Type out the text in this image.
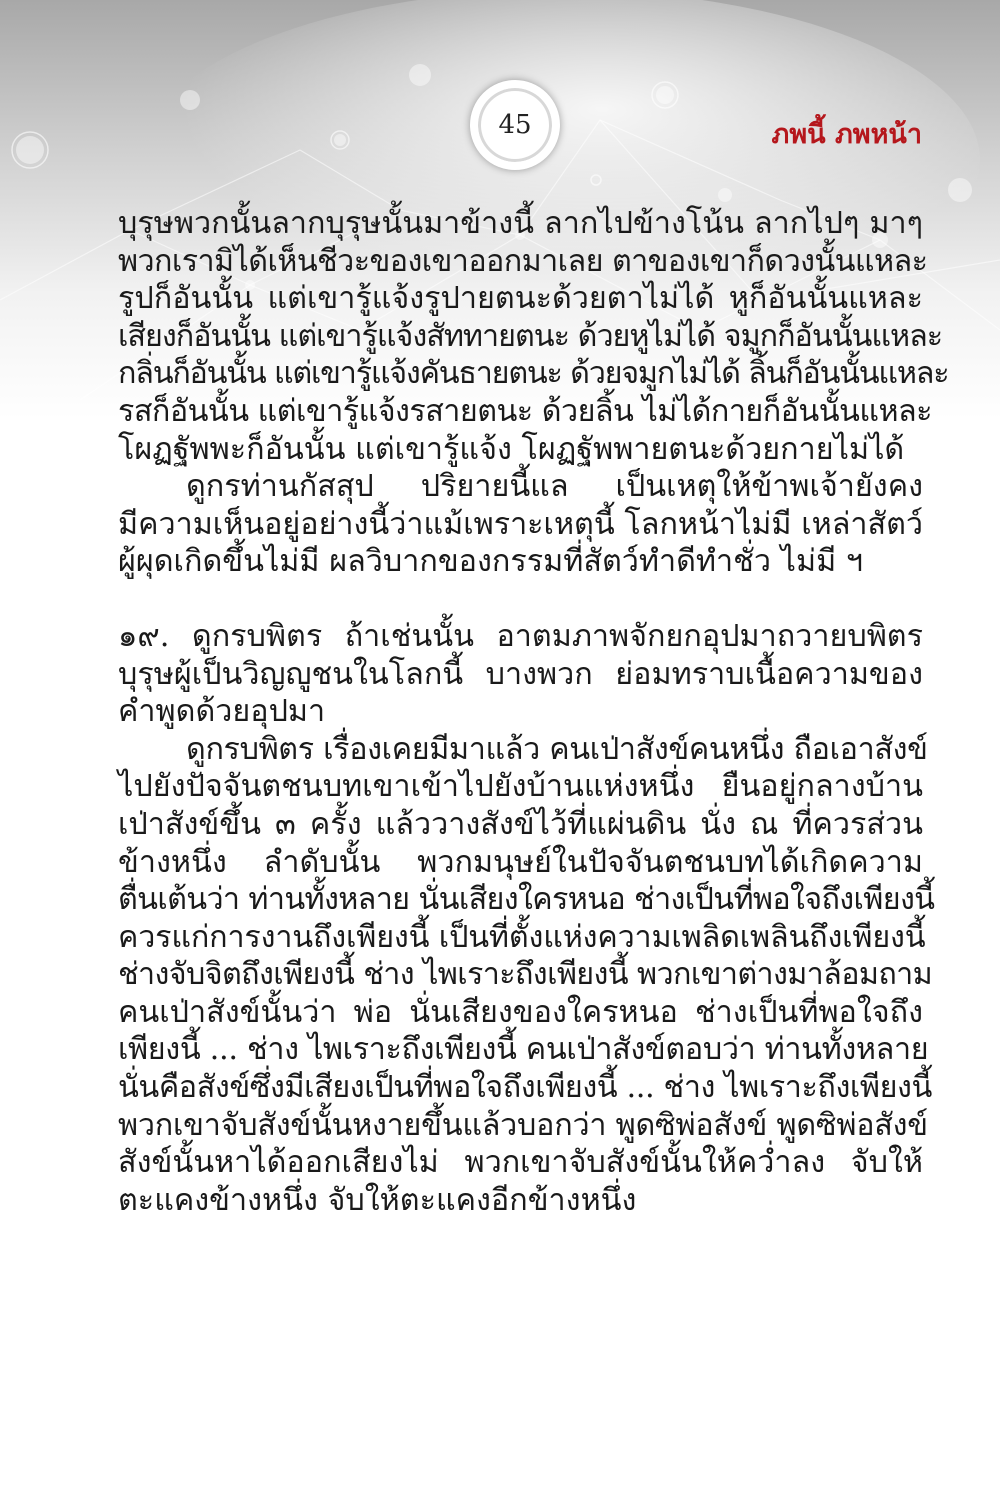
45	ภพนี้ ภพหน้า
บุรุษพวกนั้นลากบุรุษนั้นมาข้างนี้ ลากไปข้างโน้น ลากไปๆ มาๆ
พวกเรามิได้เห็นชีวะของเขาออกมาเลย ตาของเขาก็ดวงนั้นแหละ
รูปก็อันนั้น แต่เขารู้แจ้งรูปายตนะด้วยตาไม่ได้ หูก็อันนั้นแหละ
เสียงก็อันนั้น แต่เขารู้แจ้งสัททายตนะ ด้วยหูไม่ได้ จมูกก็อันนั้นแหละ
กลิ่นก็อันนั้น แต่เขารู้แจ้งคันธายตนะ ด้วยจมูกไม่ได้ ลิ้นก็อันนั้นแหละ
รสก็อันนั้น แต่เขารู้แจ้งรสายตนะ ด้วยลิ้น ไม่ได้กายก็อันนั้นแหละ
โผฏฐัพพะก็อันนั้น แต่เขารู้แจ้ง โผฏฐัพพายตนะด้วยกายไม่ได้
ดูกรท่านกัสสุป ปริยายนี้แล เป็นเหตุให้ข้าพเจ้ายังคง
มีความเห็นอยู่อย่างนี้ว่าแม้เพราะเหตุนี้ โลกหน้าไม่มี เหล่าสัตว์
ผู้ผุดเกิดขึ้นไม่มี ผลวิบากของกรรมที่สัตว์ทำดีทำชั่ว ไม่มี ฯ
๑๙. ดูกรบพิตร ถ้าเช่นนั้น อาตมภาพจักยกอุปมาถวายบพิตร
บุรุษผู้เป็นวิญญูชนในโลกนี้ บางพวก ย่อมทราบเนื้อความของ
คำพูดด้วยอุปมา
ดูกรบพิตร เรื่องเคยมีมาแล้ว คนเป่าสังข์คนหนึ่ง ถือเอาสังข์
ไปยังปัจจันตชนบทเขาเข้าไปยังบ้านแห่งหนึ่ง ยืนอยู่กลางบ้าน
เป่าสังข์ขึ้น ๓ ครั้ง แล้ววางสังข์ไว้ที่แผ่นดิน นั่ง ณ ที่ควรส่วน
ข้างหนึ่ง ลำดับนั้น พวกมนุษย์ในปัจจันตชนบทได้เกิดความ
ตื่นเต้นว่า ท่านทั้งหลาย นั่นเสียงใครหนอ ช่างเป็นที่พอใจถึงเพียงนี้
ควรแก่การงานถึงเพียงนี้ เป็นที่ตั้งแห่งความเพลิดเพลินถึงเพียงนี้
ช่างจับจิตถึงเพียงนี้ ช่าง ไพเราะถึงเพียงนี้ พวกเขาต่างมาล้อมถาม
คนเป่าสังข์นั้นว่า พ่อ นั่นเสียงของใครหนอ ช่างเป็นที่พอใจถึง
เพียงนี้ ... ช่าง ไพเราะถึงเพียงนี้ คนเป่าสังข์ตอบว่า ท่านทั้งหลาย
นั่นคือสังข์ซึ่งมีเสียงเป็นที่พอใจถึงเพียงนี้ ... ช่าง ไพเราะถึงเพียงนี้
พวกเขาจับสังข์นั้นหงายขึ้นแล้วบอกว่า พูดซิพ่อสังข์ พูดซิพ่อสังข์
สังข์นั้นหาได้ออกเสียงไม่ พวกเขาจับสังข์นั้นให้คว่ำลง จับให้
ตะแคงข้างหนึ่ง จับให้ตะแคงอีกข้างหนึ่ง
